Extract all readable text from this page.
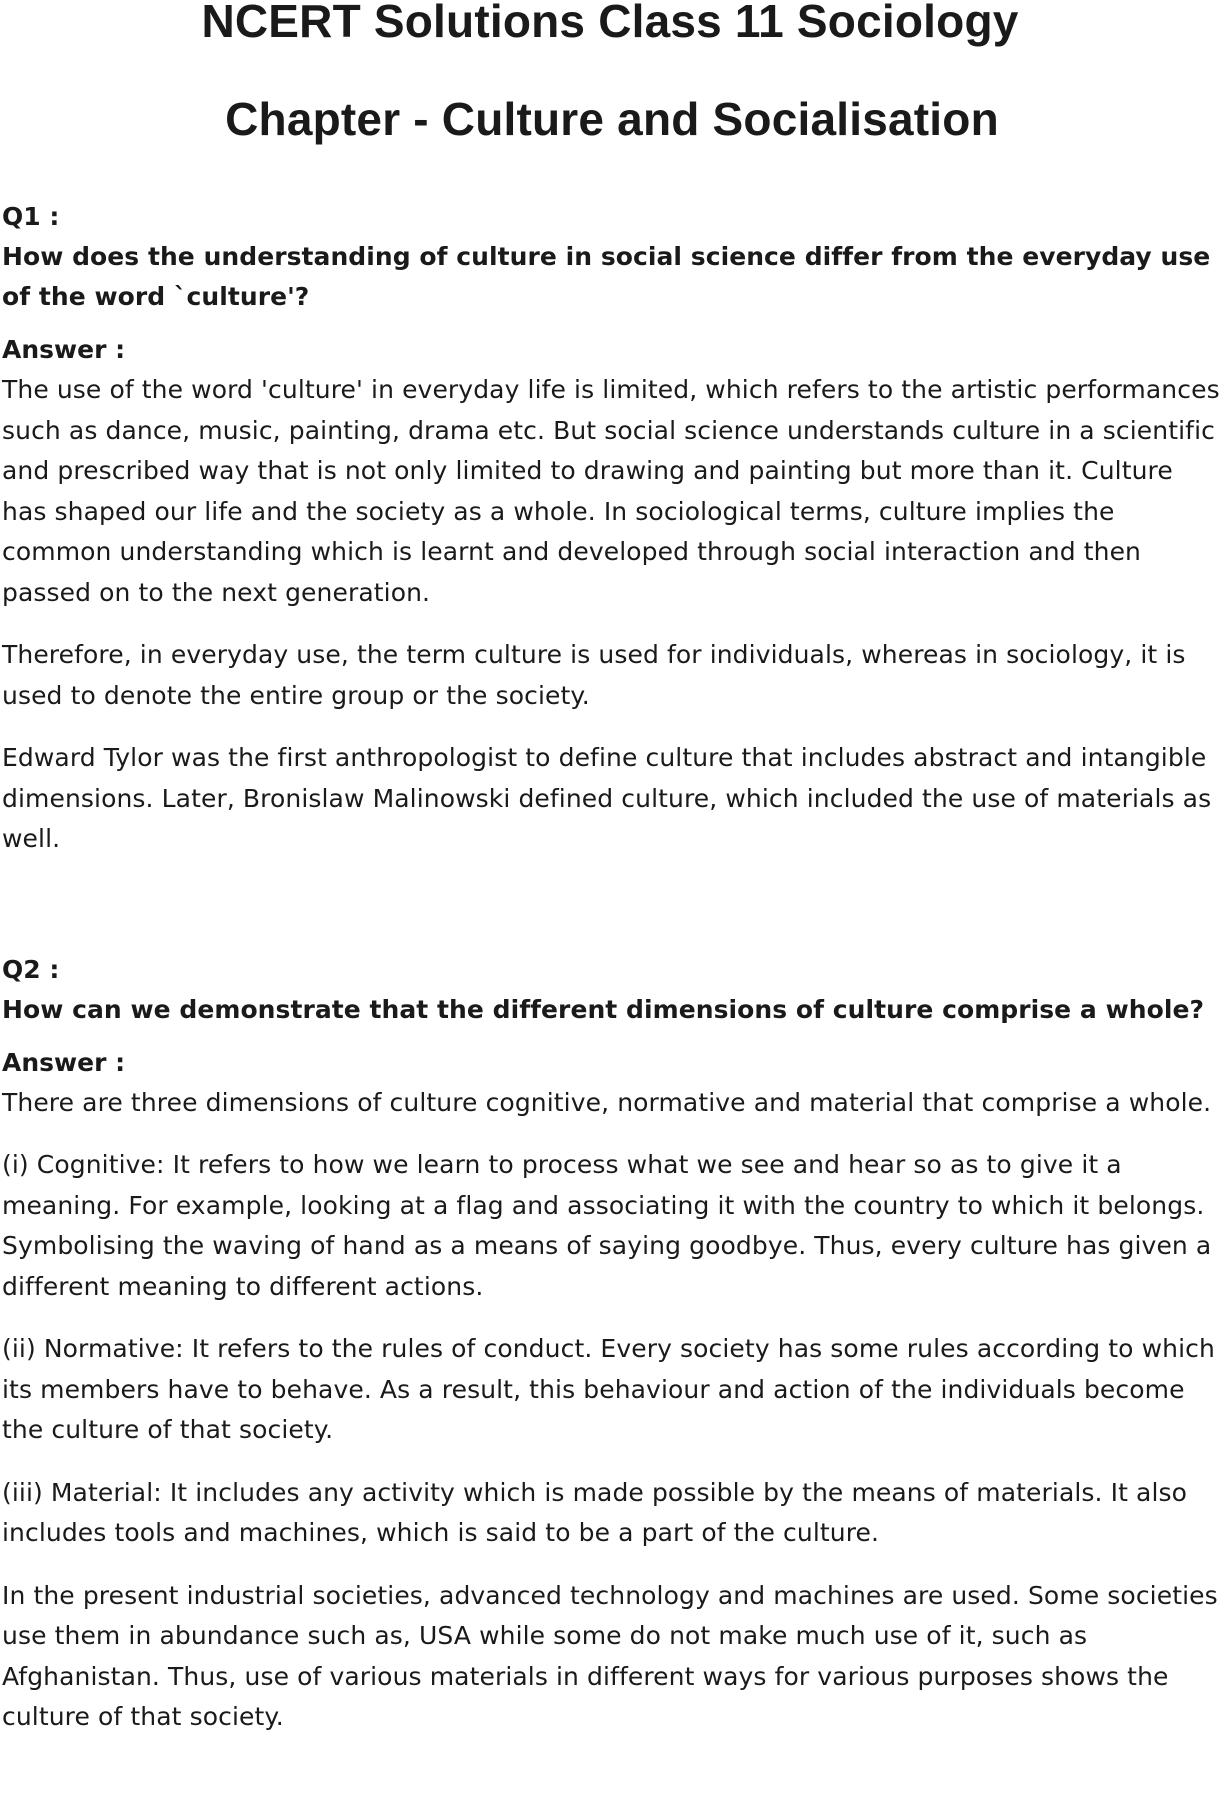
NCERT Solutions Class 11 Sociology
Chapter - Culture and Socialisation

Q1 :

How does the understanding of culture in social science differ from the everyday use of the word `culture'?

Answer :

The use of the word 'culture' in everyday life is limited, which refers to the artistic performances such as dance, music, painting, drama etc. But social science understands culture in a scientific and prescribed way that is not only limited to drawing and painting but more than it. Culture has shaped our life and the society as a whole. In sociological terms, culture implies the common understanding which is learnt and developed through social interaction and then passed on to the next generation.

Therefore, in everyday use, the term culture is used for individuals, whereas in sociology, it is used to denote the entire group or the society.

Edward Tylor was the first anthropologist to define culture that includes abstract and intangible dimensions. Later, Bronislaw Malinowski defined culture, which included the use of materials as well.

Q2 :

How can we demonstrate that the different dimensions of culture comprise a whole?

Answer :

There are three dimensions of culture cognitive, normative and material that comprise a whole.

(i) Cognitive: It refers to how we learn to process what we see and hear so as to give it a meaning. For example, looking at a flag and associating it with the country to which it belongs. Symbolising the waving of hand as a means of saying goodbye. Thus, every culture has given a different meaning to different actions.

(ii) Normative: It refers to the rules of conduct. Every society has some rules according to which its members have to behave. As a result, this behaviour and action of the individuals become the culture of that society.

(iii) Material: It includes any activity which is made possible by the means of materials. It also includes tools and machines, which is said to be a part of the culture.

In the present industrial societies, advanced technology and machines are used. Some societies use them in abundance such as, USA while some do not make much use of it, such as Afghanistan. Thus, use of various materials in different ways for various purposes shows the culture of that society.
